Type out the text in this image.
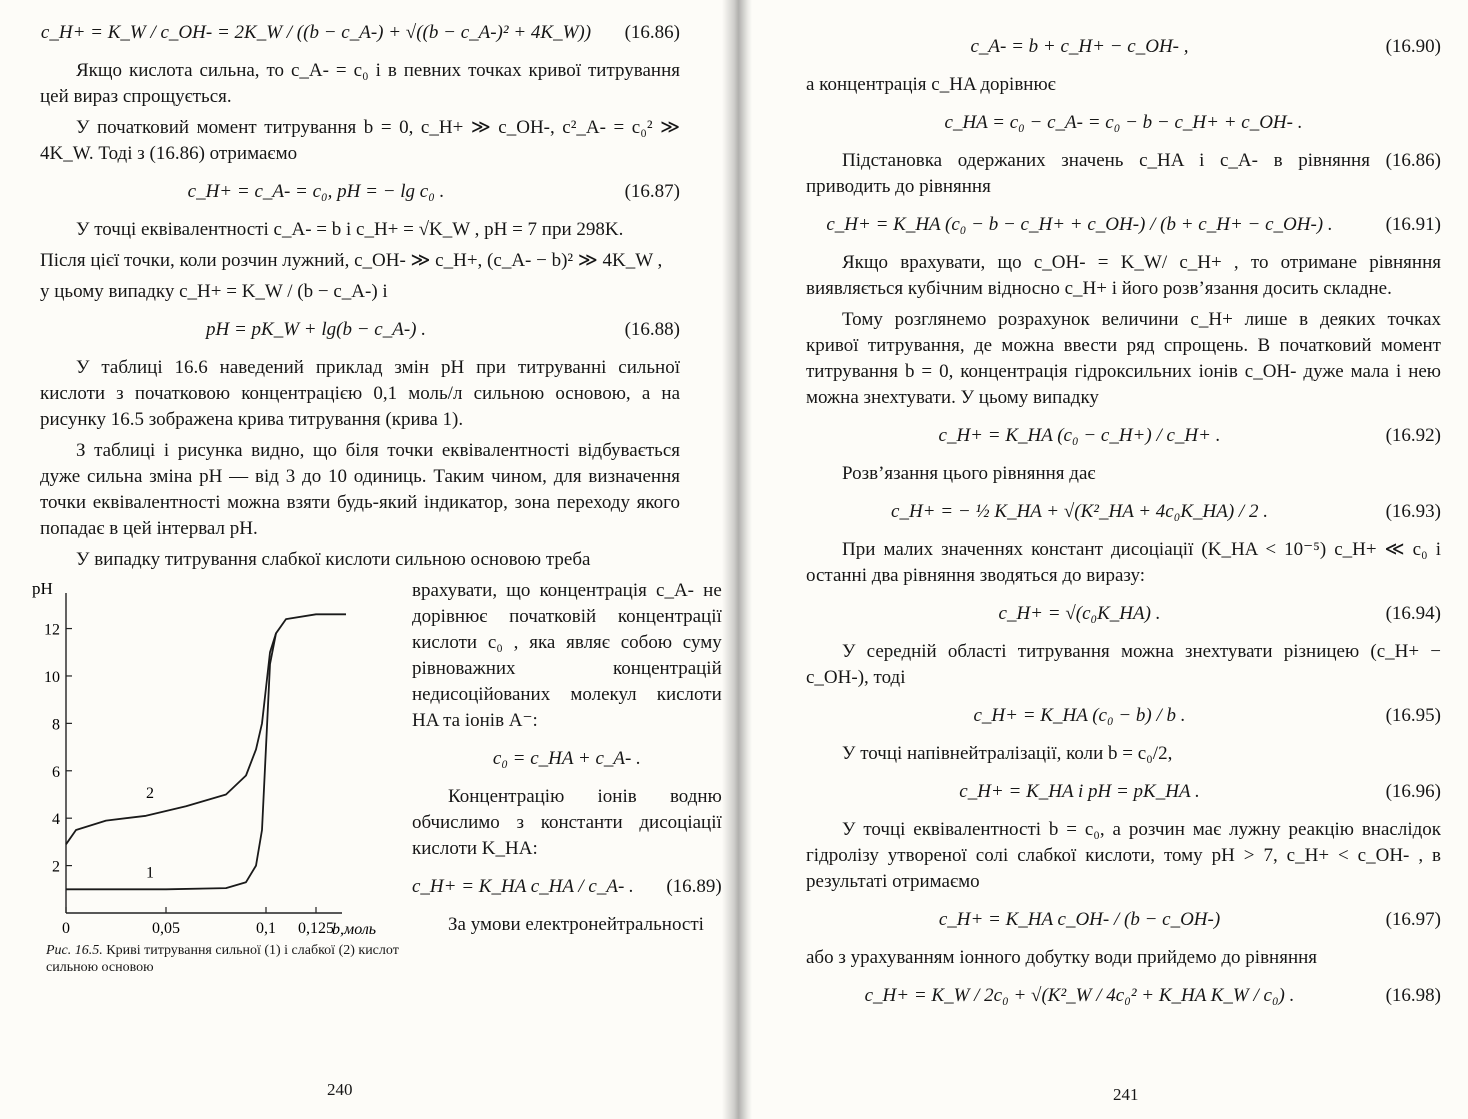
c_H+ = K_W / c_OH- = 2K_W / ((b − c_A-) + √((b − c_A-)² + 4K_W))	(16.86)

Якщо кислота сильна, то c_A- = c₀ і в певних точках кривої титрування цей вираз спрощується.

У початковий момент титрування b = 0, c_H+ ≫ c_OH-, c²_A- = c₀² ≫ 4K_W. Тоді з (16.86) отримаємо

c_H+ = c_A- = c₀, pH = − lg c₀ .	(16.87)

У точці еквівалентності c_A- = b і c_H+ = √K_W , pH = 7 при 298K.

Після цієї точки, коли розчин лужний, c_OH- ≫ c_H+, (c_A- − b)² ≫ 4K_W ,

у цьому випадку c_H+ = K_W / (b − c_A-) і

pH = pK_W + lg(b − c_A-) .	(16.88)

У таблиці 16.6 наведений приклад змін pH при титруванні сильної кислоти з початковою концентрацією 0,1 моль/л сильною основою, а на рисунку 16.5 зображена крива титрування (крива 1).

З таблиці і рисунка видно, що біля точки еквівалентності відбувається дуже сильна зміна pH — від 3 до 10 одиниць. Таким чином, для визначення точки еквівалентності можна взяти будь-який індикатор, зона переходу якого попадає в цей інтервал pH.

У випадку титрування слабкої кислоти сильною основою треба

2
4
6
8
10
12
0	0,05	0,1 0,125
1
2
pH
b,моль
Рис. 16.5. Криві титрування сильної (1) і слабкої (2) кислот сильною основою

врахувати, що концентрація c_A- не дорівнює початковій концентрації кислоти c₀ , яка являє собою суму рівноважних концентрацій недисоційованих молекул кислоти HA та іонів A⁻:

c₀ = c_HA + c_A- .

Концентрацію іонів водню обчислимо з константи дисоціації кислоти K_HA:

c_H+ = K_HA c_HA / c_A- .	(16.89)

За умови електронейтральності

240
c_A- = b + c_H+ − c_OH- ,	(16.90)

а концентрація c_HA дорівнює

c_HA = c₀ − c_A- = c₀ − b − c_H+ + c_OH- .

Підстановка одержаних значень c_HA і c_A- в рівняння (16.86) приводить до рівняння

c_H+ = K_HA (c₀ − b − c_H+ + c_OH-) / (b + c_H+ − c_OH-) .	(16.91)

Якщо врахувати, що c_OH- = K_W/ c_H+ , то отримане рівняння виявляється кубічним відносно c_H+ і його розв’язання досить складне.

Тому розглянемо розрахунок величини c_H+ лише в деяких точках кривої титрування, де можна ввести ряд спрощень. В початковий момент титрування b = 0, концентрація гідроксильних іонів c_OH- дуже мала і нею можна знехтувати. У цьому випадку

c_H+ = K_HA (c₀ − c_H+) / c_H+ .	(16.92)

Розв’язання цього рівняння дає

c_H+ = − ½ K_HA + √(K²_HA + 4c₀K_HA) / 2 .	(16.93)

При малих значеннях констант дисоціації (K_HA < 10⁻⁵) c_H+ ≪ c₀ і останні два рівняння зводяться до виразу:

c_H+ = √(c₀K_HA) .	(16.94)

У середній області титрування можна знехтувати різницею (c_H+ − c_OH-), тоді

c_H+ = K_HA (c₀ − b) / b .	(16.95)

У точці напівнейтралізації, коли b = c₀/2,

c_H+ = K_HA і pH = pK_HA .	(16.96)

У точці еквівалентності b = c₀, а розчин має лужну реакцію внаслідок гідролізу утвореної солі слабкої кислоти, тому pH > 7, c_H+ < c_OH- , в результаті отримаємо

c_H+ = K_HA c_OH- / (b − c_OH-)	(16.97)

або з урахуванням іонного добутку води прийдемо до рівняння

c_H+ = K_W / 2c₀ + √(K²_W / 4c₀² + K_HA K_W / c₀) .	(16.98)
241
